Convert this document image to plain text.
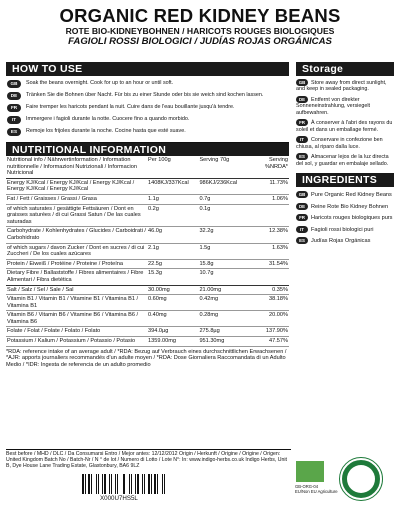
ORGANIC RED KIDNEY BEANS
ROTE BIO-KIDNEYBOHNEN / HARICOTS ROUGES BIOLOGIQUES
FAGIOLI ROSSI BIOLOGICI / JUDÍAS ROJAS ORGÁNICAS
HOW TO USE
GB	Soak the beans overnight. Cook for up to an hour or until soft.
DE	Tränken Sie die Bohnen über Nacht. Für bis zu einer Stunde oder bis sie weich sind kochen lassen.
FR	Faire tremper les haricots pendant la nuit. Cuire dans de l'eau bouillante jusqu'à tendre.
IT	Immergere i fagioli durante la notte. Cuocere fino a quando morbido.
ES	Remoje los frijoles durante la noche. Cocine hasta que esté suave.
NUTRITIONAL INFORMATION
Nutritional info / Nährwertinformation / Information nutritionnelle / Informazioni Nutrizionali / Informacion Nutricional	Per 100g	Serving 70g	Serving %NRDA*
Energy KJ/Kcal / Energy KJ/Kcal / Energy KJ/Kcal / Energy KJ/Kcal / Energy KJ/Kcal	1408KJ/337Kcal	986KJ/236Kcal	11.73%
Fat / Fett / Graisses / Grassi / Grasa	1.1g	0.7g	1.06%
of which saturates / gesättigte Fettsäuren / Dont en graisses saturées / di cui Grassi Satun / De las cuales saturadas	0.2g	0.1g	
Carbohydrate / Kohlenhydrates / Glucides / Carboidrati / Carbohidrato	46.0g	32.2g	12.38%
of which sugars / davon Zucker / Dont en sucres / di cui Zuccheri / De los cuales azúcares	2.1g	1.5g	1.63%
Protein / Eiweiß / Protéine / Proteine / Proteína	22.5g	15.8g	31.54%
Dietary Fibre / Ballaststoffe / Fibres alimentaires / Fibre Alimentari / Fibra dietética	15.3g	10.7g	
Salt / Salz / Sel / Sale / Sal	30.00mg	21.00mg	0.35%
Vitamin B1 / Vitamin B1 / Vitamine B1 / Vitamina B1 / Vitamina B1	0.60mg	0.42mg	38.18%
Vitamin B6 / Vitamin B6 / Vitamine B6 / Vitamina B6 / Vitamina B6	0.40mg	0.28mg	20.00%
Folate / Folat / Folate / Folato / Folato	394.0µg	275.8µg	137.90%
Potassium / Kalium / Potassium / Potassio / Potasio	1359.00mg	951.30mg	47.57%
*RDA: reference intake of an average adult / *RDA: Bezug auf Verbrauch eines durchschnittlichen Erwachsenen / *AJR: apports journaliers recommandés d'un adulte moyen / *RDA: Dose Giornaliera Raccomandata di un Adulto Medio / *IDR: Ingesta de referencia de un adulto promedio
Storage
GB Store away from direct sunlight, and keep in sealed packaging.
DE Entfernt von direkter Sonneneinstrahlung, versiegelt aufbewahren.
FR À conserver à l'abri des rayons du soleil et dans un emballage fermé.
IT Conservare in confezione ben chiusa, al riparo dalla luce.
ES Almacenar lejos de la luz directa del sol, y guardar en embalaje sellado.
INGREDIENTS
GB Pure Organic Red Kidney Beans
DE Reine Rote Bio Kidney Bohnen
FR Haricots rouges biologiques purs
IT Fagioli rossi biologici puri
ES Judías Rojas Orgánicas
Best before / MHD / DLC / Da Consumarsi Entro / Mejor antes: 12/12/2012 Origin / Herkunft / Origine / Origine / Origen: United Kingdom Batch No / Batch-Nr / N ° de lot / Numero di Lotto / Lote N°: In: www.indigo-herbs.co.uk Indigo Herbs, Unit B, Dye House Lane Trading Estate, Glastonbury, BA6 9LZ
X000U7HS5L
GB-ORG-04
EU/Non EU Agriculture
